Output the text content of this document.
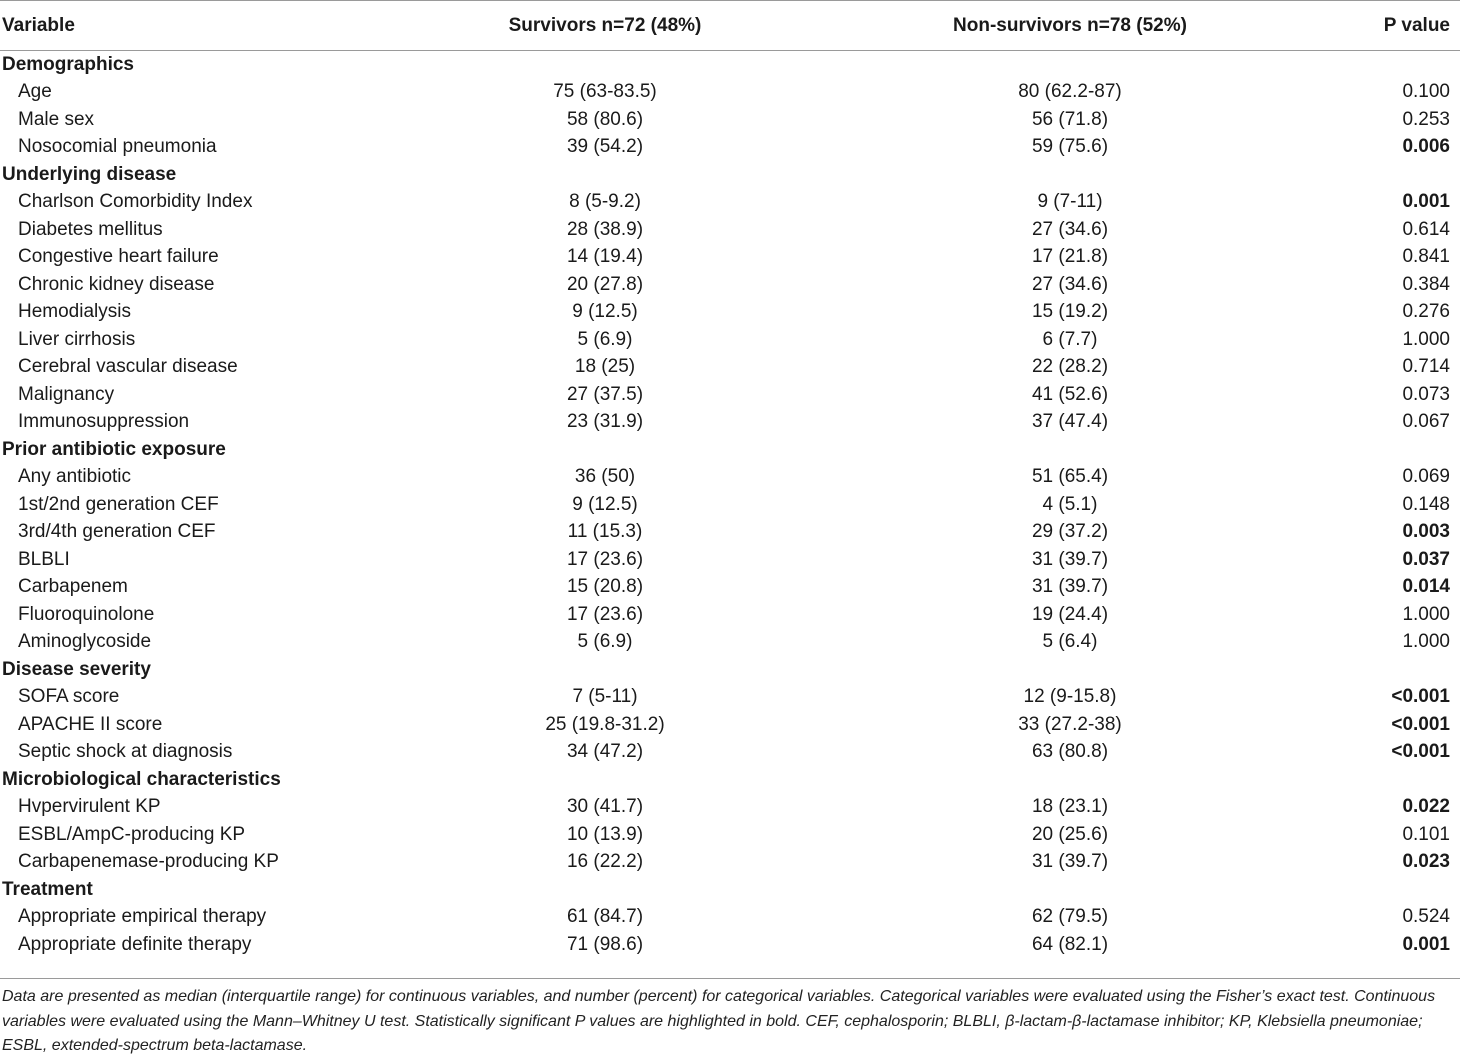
Variable	Survivors n=72 (48%)	Non-survivors n=78 (52%)	P value
Demographics			
Age	75 (63-83.5)	80 (62.2-87)	0.100
Male sex	58 (80.6)	56 (71.8)	0.253
Nosocomial pneumonia	39 (54.2)	59 (75.6)	0.006
Underlying disease			
Charlson Comorbidity Index	8 (5-9.2)	9 (7-11)	0.001
Diabetes mellitus	28 (38.9)	27 (34.6)	0.614
Congestive heart failure	14 (19.4)	17 (21.8)	0.841
Chronic kidney disease	20 (27.8)	27 (34.6)	0.384
Hemodialysis	9 (12.5)	15 (19.2)	0.276
Liver cirrhosis	5 (6.9)	6 (7.7)	1.000
Cerebral vascular disease	18 (25)	22 (28.2)	0.714
Malignancy	27 (37.5)	41 (52.6)	0.073
Immunosuppression	23 (31.9)	37 (47.4)	0.067
Prior antibiotic exposure			
Any antibiotic	36 (50)	51 (65.4)	0.069
1st/2nd generation CEF	9 (12.5)	4 (5.1)	0.148
3rd/4th generation CEF	11 (15.3)	29 (37.2)	0.003
BLBLI	17 (23.6)	31 (39.7)	0.037
Carbapenem	15 (20.8)	31 (39.7)	0.014
Fluoroquinolone	17 (23.6)	19 (24.4)	1.000
Aminoglycoside	5 (6.9)	5 (6.4)	1.000
Disease severity			
SOFA score	7 (5-11)	12 (9-15.8)	<0.001
APACHE II score	25 (19.8-31.2)	33 (27.2-38)	<0.001
Septic shock at diagnosis	34 (47.2)	63 (80.8)	<0.001
Microbiological characteristics			
Hvpervirulent KP	30 (41.7)	18 (23.1)	0.022
ESBL/AmpC-producing KP	10 (13.9)	20 (25.6)	0.101
Carbapenemase-producing KP	16 (22.2)	31 (39.7)	0.023
Treatment			
Appropriate empirical therapy	61 (84.7)	62 (79.5)	0.524
Appropriate definite therapy	71 (98.6)	64 (82.1)	0.001
Data are presented as median (interquartile range) for continuous variables, and number (percent) for categorical variables. Categorical variables were evaluated using the Fisher’s exact test. Continuous variables were evaluated using the Mann–Whitney U test. Statistically significant P values are highlighted in bold. CEF, cephalosporin; BLBLI, β-lactam-β-lactamase inhibitor; KP, Klebsiella pneumoniae; ESBL, extended-spectrum beta-lactamase.
